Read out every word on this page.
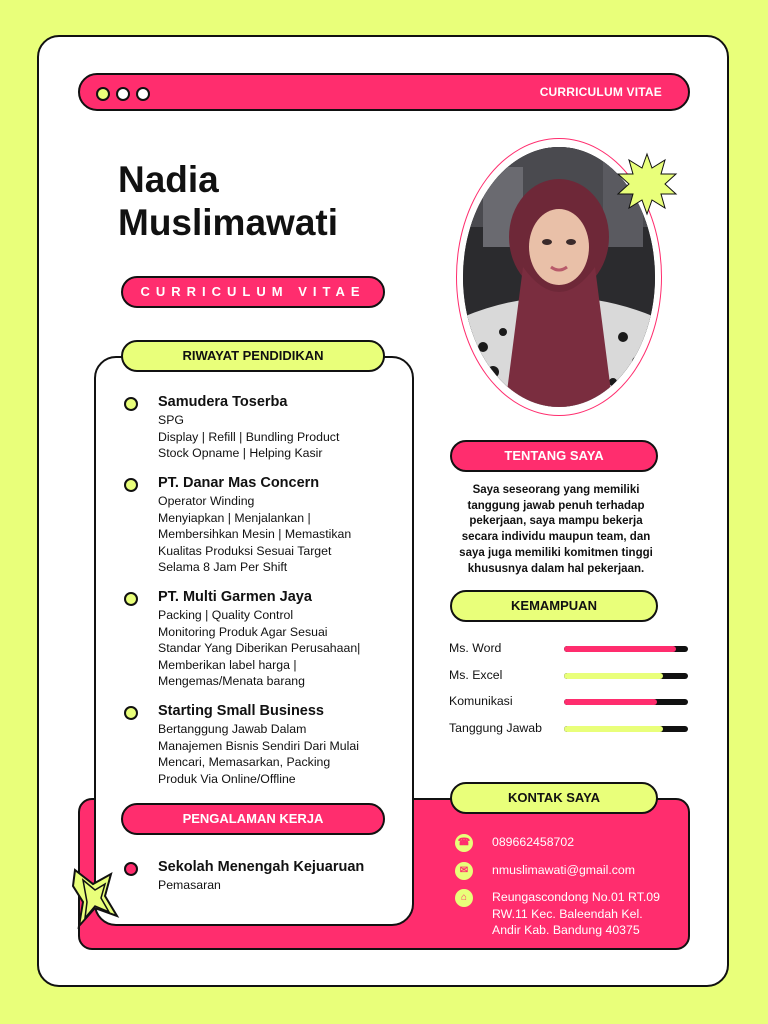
CURRICULUM VITAE
Nadia
Muslimawati
CURRICULUM VITAE
RIWAYAT PENDIDIKAN
Samudera Toserba
SPG
Display | Refill | Bundling Product
Stock Opname | Helping Kasir
PT. Danar Mas Concern
Operator Winding
Menyiapkan | Menjalankan |
Membersihkan Mesin | Memastikan
Kualitas Produksi Sesuai Target
Selama 8 Jam Per Shift
PT. Multi Garmen Jaya
Packing | Quality Control
Monitoring Produk Agar Sesuai
Standar Yang Diberikan Perusahaan|
Memberikan label harga |
Mengemas/Menata barang
Starting Small Business
Bertanggung Jawab Dalam
Manajemen Bisnis Sendiri Dari Mulai
Mencari, Memasarkan, Packing
Produk Via Online/Offline
PENGALAMAN KERJA
Sekolah Menengah Kejuaruan
Pemasaran
TENTANG SAYA
Saya seseorang yang memiliki
tanggung jawab penuh terhadap
pekerjaan, saya mampu bekerja
secara individu maupun team, dan
saya juga memiliki komitmen tinggi
khususnya dalam hal pekerjaan.
KEMAMPUAN
Ms. Word
Ms. Excel
Komunikasi
Tanggung Jawab
KONTAK SAYA
☎ 089662458702
✉	nmuslimawati@gmail.com
⌂	Reungascondong No.01 RT.09
RW.11 Kec. Baleendah Kel.
Andir Kab. Bandung 40375
